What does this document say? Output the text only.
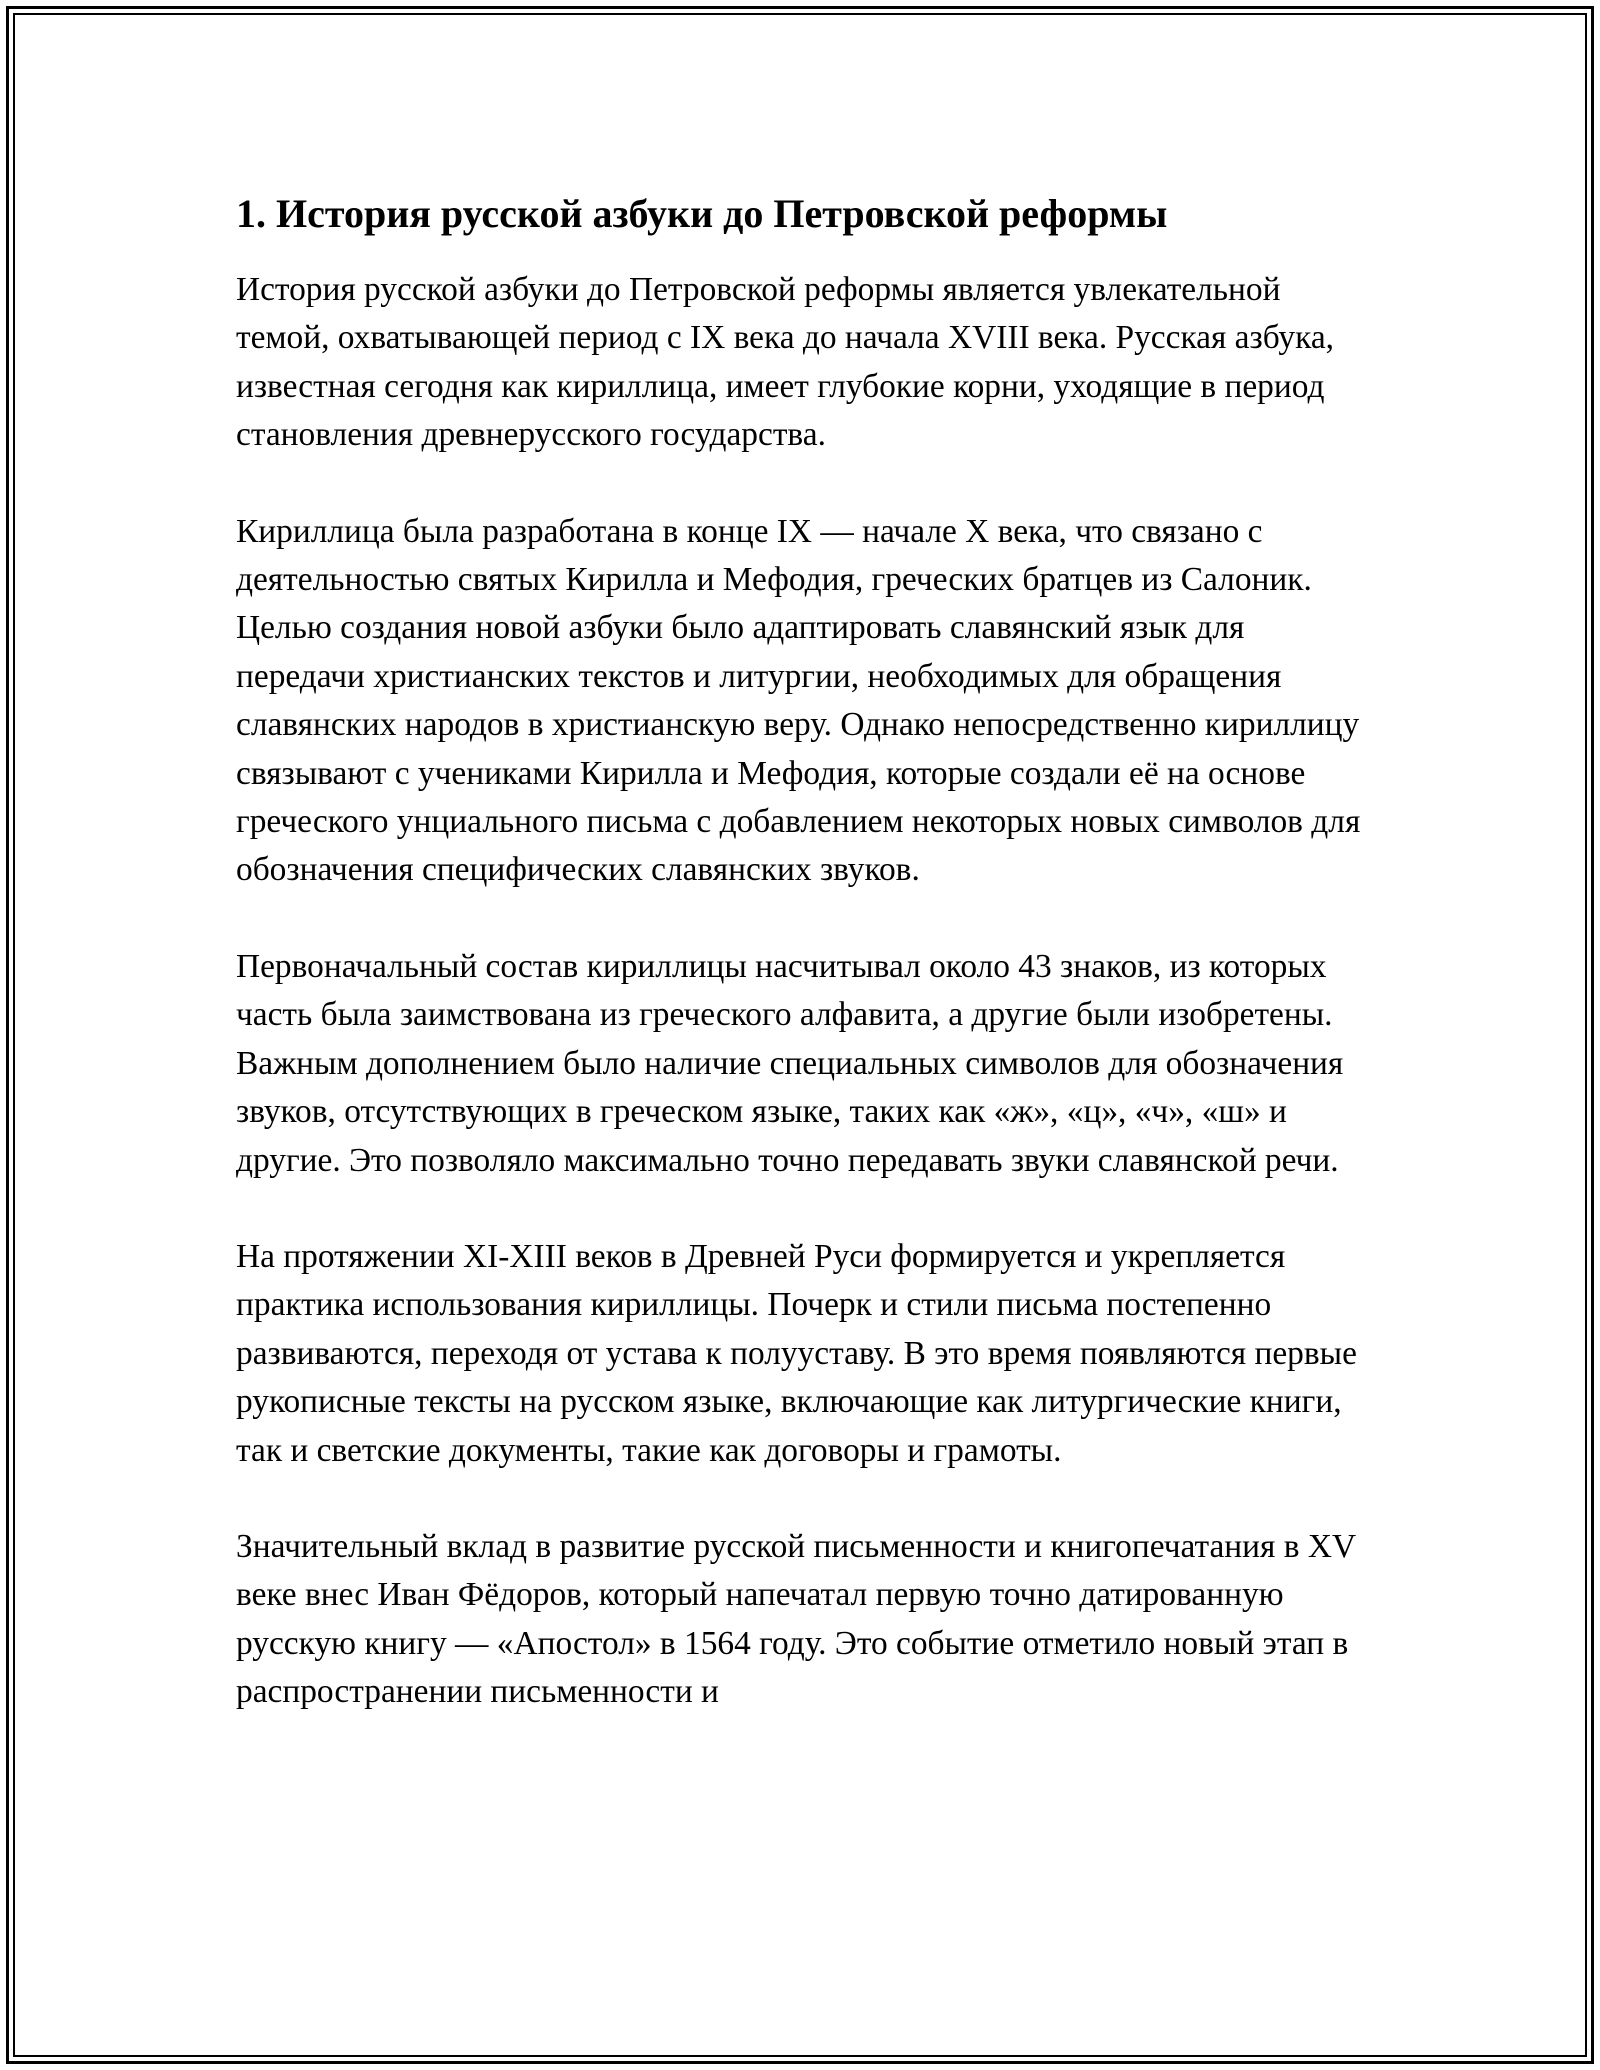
1. История русской азбуки до Петровской реформы

История русской азбуки до Петровской реформы является увлекательной темой, охватывающей период с IX века до начала XVIII века. Русская азбука, известная сегодня как кириллица, имеет глубокие корни, уходящие в период становления древнерусского государства.

Кириллица была разработана в конце IX — начале X века, что связано с деятельностью святых Кирилла и Мефодия, греческих братцев из Салоник. Целью создания новой азбуки было адаптировать славянский язык для передачи христианских текстов и литургии, необходимых для обращения славянских народов в христианскую веру. Однако непосредственно кириллицу связывают с учениками Кирилла и Мефодия, которые создали её на основе греческого унциального письма с добавлением некоторых новых символов для обозначения специфических славянских звуков.

Первоначальный состав кириллицы насчитывал около 43 знаков, из которых часть была заимствована из греческого алфавита, а другие были изобретены. Важным дополнением было наличие специальных символов для обозначения звуков, отсутствующих в греческом языке, таких как «ж», «ц», «ч», «ш» и другие. Это позволяло максимально точно передавать звуки славянской речи.

На протяжении XI-XIII веков в Древней Руси формируется и укрепляется практика использования кириллицы. Почерк и стили письма постепенно развиваются, переходя от устава к полууставу. В это время появляются первые рукописные тексты на русском языке, включающие как литургические книги, так и светские документы, такие как договоры и грамоты.

Значительный вклад в развитие русской письменности и книгопечатания в XV веке внес Иван Фёдоров, который напечатал первую точно датированную русскую книгу — «Апостол» в 1564 году. Это событие отметило новый этап в распространении письменности и
